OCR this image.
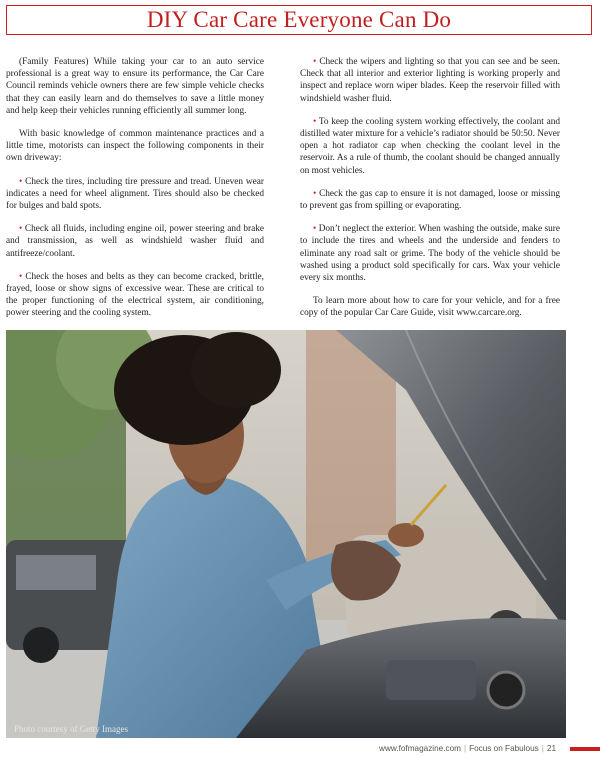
DIY Car Care Everyone Can Do

(Family Features) While taking your car to an auto service professional is a great way to ensure its performance, the Car Care Council reminds vehicle owners there are few simple vehicle checks that they can easily learn and do themselves to save a little money and help keep their vehicles running efficiently all summer long.

With basic knowledge of common maintenance practices and a little time, motorists can inspect the following components in their own driveway:

• Check the tires, including tire pressure and tread. Uneven wear indicates a need for wheel alignment. Tires should also be checked for bulges and bald spots.

• Check all fluids, including engine oil, power steering and brake and transmission, as well as windshield washer fluid and antifreeze/coolant.

• Check the hoses and belts as they can become cracked, brittle, frayed, loose or show signs of excessive wear. These are critical to the proper functioning of the electrical system, air conditioning, power steering and the cooling system.

• Check the wipers and lighting so that you can see and be seen. Check that all interior and exterior lighting is working properly and inspect and replace worn wiper blades. Keep the reservoir filled with windshield washer fluid.

• To keep the cooling system working effectively, the coolant and distilled water mixture for a vehicle’s radiator should be 50:50. Never open a hot radiator cap when checking the coolant level in the reservoir. As a rule of thumb, the coolant should be changed annually on most vehicles.

• Check the gas cap to ensure it is not damaged, loose or missing to prevent gas from spilling or evaporating.

• Don’t neglect the exterior. When washing the outside, make sure to include the tires and wheels and the underside and fenders to eliminate any road salt or grime. The body of the vehicle should be washed using a product sold specifically for cars. Wax your vehicle every six months.

To learn more about how to care for your vehicle, and for a free copy of the popular Car Care Guide, visit www.carcare.org.

Photo courtesy of Getty Images
www.fofmagazine.com | Focus on Fabulous | 21
